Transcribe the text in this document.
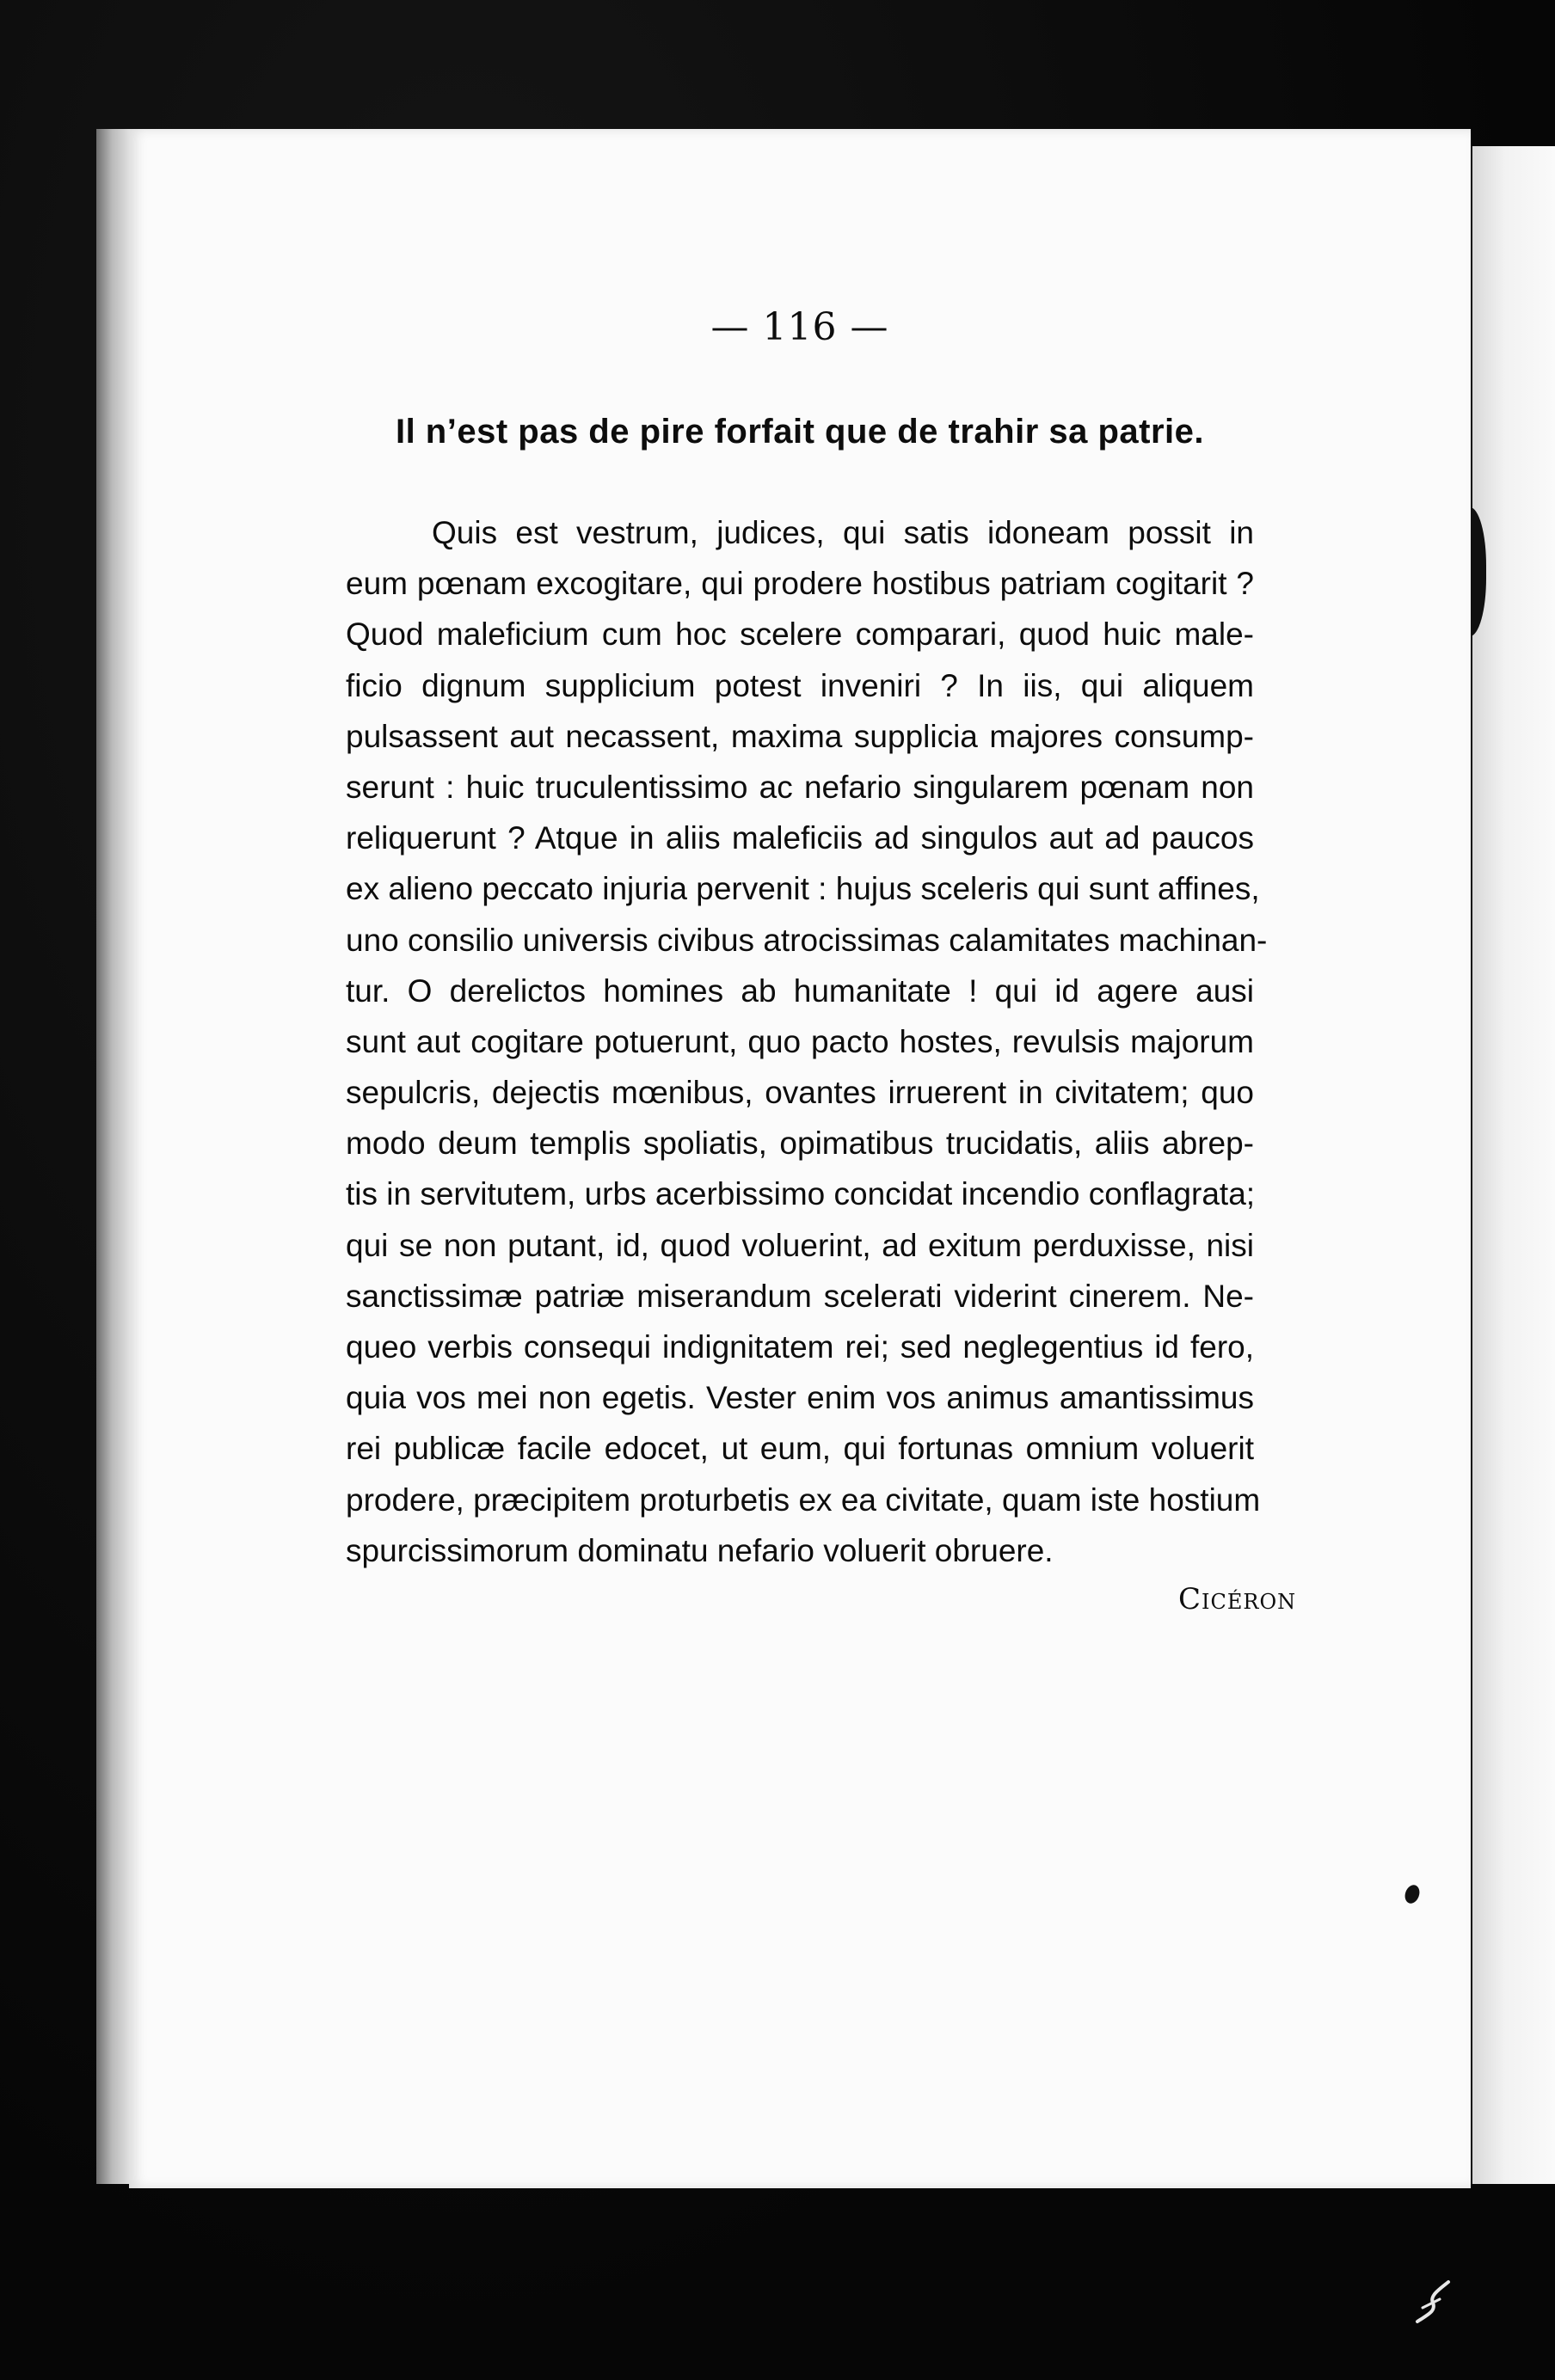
— 116 —
Il n’est pas de pire forfait que de trahir sa patrie.
Quis est vestrum, judices, qui satis idoneam possit in
eum pœnam excogitare, qui prodere hostibus patriam cogitarit ?
Quod maleficium cum hoc scelere comparari, quod huic male-
ficio dignum supplicium potest inveniri ? In iis, qui aliquem
pulsassent aut necassent, maxima supplicia majores consump-
serunt : huic truculentissimo ac nefario singularem pœnam non
reliquerunt ? Atque in aliis maleficiis ad singulos aut ad paucos
ex alieno peccato injuria pervenit : hujus sceleris qui sunt affines,
uno consilio universis civibus atrocissimas calamitates machinan-
tur. O derelictos homines ab humanitate ! qui id agere ausi
sunt aut cogitare potuerunt, quo pacto hostes, revulsis majorum
sepulcris, dejectis mœnibus, ovantes irruerent in civitatem; quo
modo deum templis spoliatis, opimatibus trucidatis, aliis abrep-
tis in servitutem, urbs acerbissimo concidat incendio conflagrata;
qui se non putant, id, quod voluerint, ad exitum perduxisse, nisi
sanctissimæ patriæ miserandum scelerati viderint cinerem. Ne-
queo verbis consequi indignitatem rei; sed neglegentius id fero,
quia vos mei non egetis. Vester enim vos animus amantissimus
rei publicæ facile edocet, ut eum, qui fortunas omnium voluerit
prodere, præcipitem proturbetis ex ea civitate, quam iste hostium
spurcissimorum dominatu nefario voluerit obruere.
Cicéron
